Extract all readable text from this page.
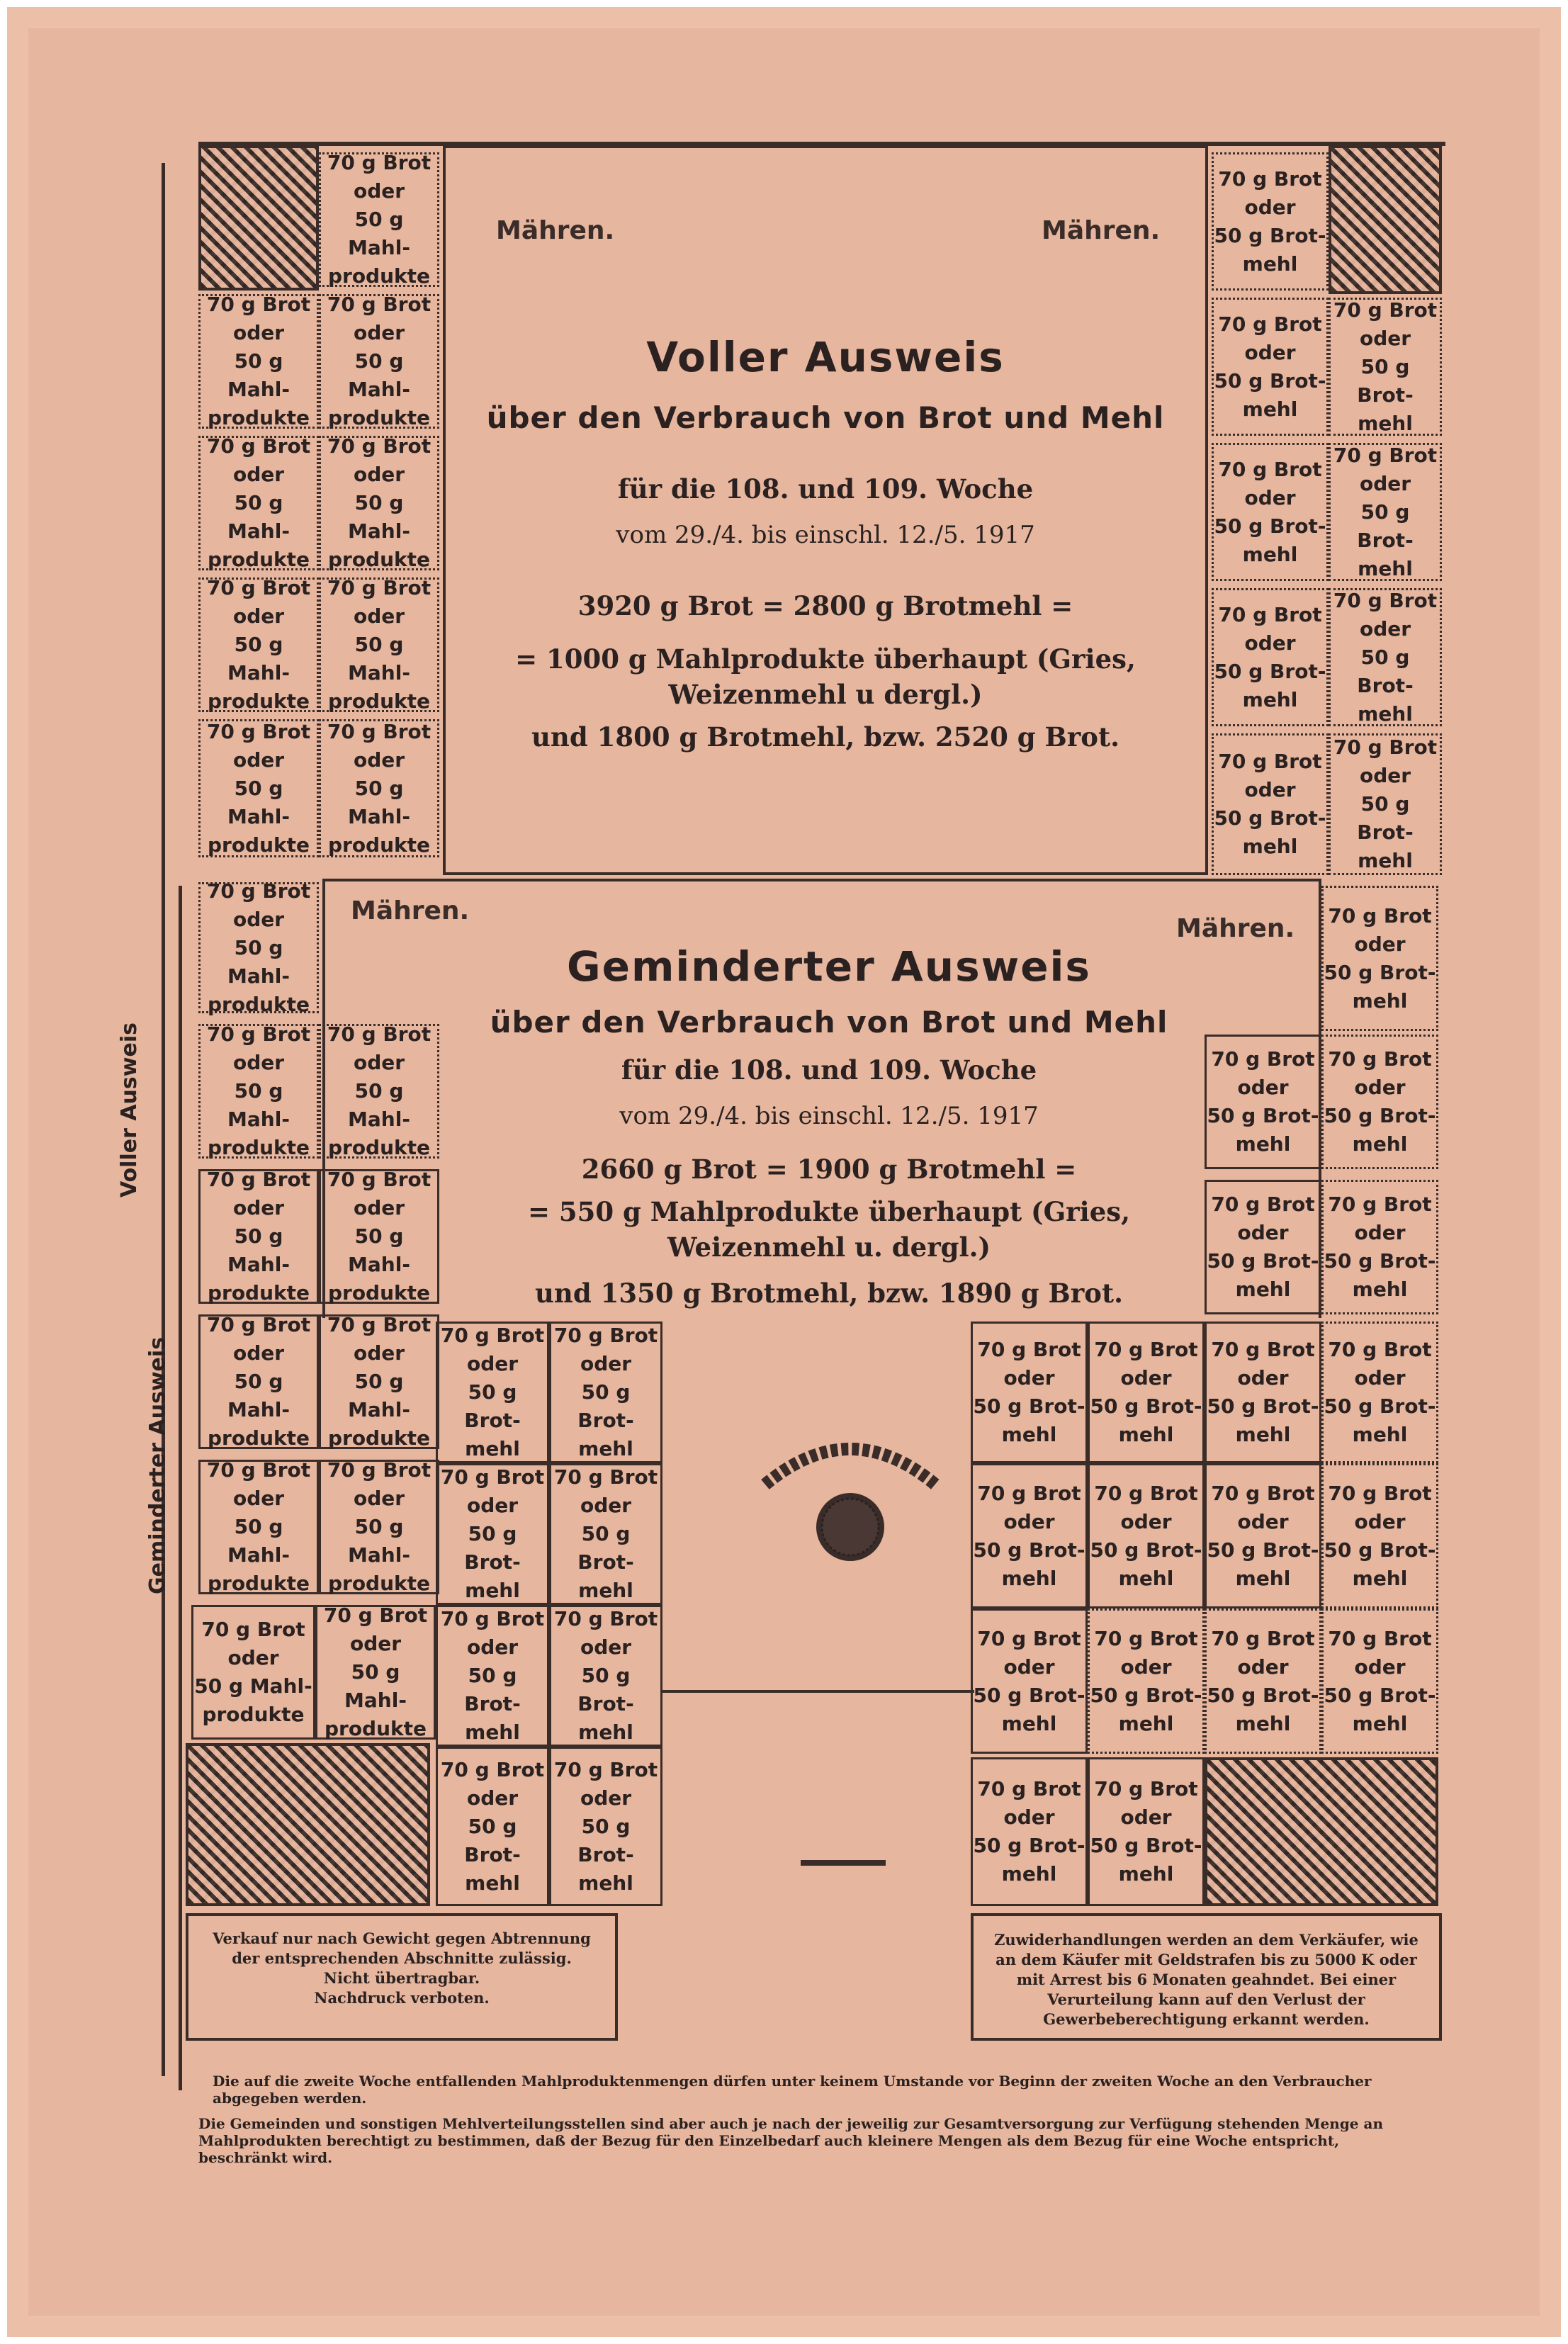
Voller Ausweis
Geminderter Ausweis
Mähren.	Mähren.
Voller Ausweis
über den Verbrauch von Brot und Mehl
für die 108. und 109. Woche
vom 29./4. bis einschl. 12./5. 1917
3920 g Brot = 2800 g Brotmehl =
= 1000 g Mahlprodukte überhaupt (Gries,
Weizenmehl u dergl.)
und 1800 g Brotmehl, bzw. 2520 g Brot.
70 g Brot
oder
50 g Mahl-
produkte
70 g Brot
oder
50 g Mahl-
produkte
70 g Brot
oder
50 g Mahl-
produkte
70 g Brot
oder
50 g Mahl-
produkte
70 g Brot
oder
50 g Mahl-
produkte
70 g Brot
oder
50 g Mahl-
produkte
70 g Brot
oder
50 g Mahl-
produkte
70 g Brot
oder
50 g Mahl-
produkte
70 g Brot
oder
50 g Mahl-
produkte
70 g Brot
oder
50 g Brot-
mehl
70 g Brot
oder
50 g Brot-
mehl
70 g Brot
oder
50 g Brot-
mehl
70 g Brot
oder
50 g Brot-
mehl
70 g Brot
oder
50 g Brot-
mehl
70 g Brot
oder
50 g Brot-
mehl
70 g Brot
oder
50 g Brot-
mehl
70 g Brot
oder
50 g Brot-
mehl
70 g Brot
oder
50 g Brot-
mehl
Mähren.
Mähren.
Geminderter Ausweis
über den Verbrauch von Brot und Mehl
für die 108. und 109. Woche
vom 29./4. bis einschl. 12./5. 1917
2660 g Brot = 1900 g Brotmehl =
= 550 g Mahlprodukte überhaupt (Gries,
Weizenmehl u. dergl.)
und 1350 g Brotmehl, bzw. 1890 g Brot.
70 g Brot
oder
50 g Mahl-
produkte
70 g Brot
oder
50 g Mahl-
produkte
70 g Brot
oder
50 g Mahl-
produkte
70 g Brot
oder
50 g Mahl-
produkte
70 g Brot
oder
50 g Mahl-
produkte
70 g Brot
oder
50 g Mahl-
produkte
70 g Brot
oder
50 g Mahl-
produkte
70 g Brot
oder
50 g Mahl-
produkte
70 g Brot
oder
50 g Mahl-
produkte
70 g Brot
oder
50 g Mahl-
produkte
70 g Brot
oder
50 g Mahl-
produkte
70 g Brot
oder
50 g Brot-
mehl
70 g Brot
oder
50 g Brot-
mehl
70 g Brot
oder
50 g Brot-
mehl
70 g Brot
oder
50 g Brot-
mehl
70 g Brot
oder
50 g Brot-
mehl
70 g Brot
oder
50 g Brot-
mehl
70 g Brot
oder
50 g Brot-
mehl
70 g Brot
oder
50 g Brot-
mehl
70 g Brot
oder
50 g Brot-
mehl
70 g Brot
oder
50 g Brot-
mehl
70 g Brot
oder
50 g Brot-
mehl
70 g Brot
oder
50 g Brot-
mehl
70 g Brot
oder
50 g Brot-
mehl
70 g Brot
oder
50 g Brot-
mehl
70 g Brot
oder
50 g Brot-
mehl
70 g Brot
oder
50 g Brot-
mehl
70 g Brot
oder
50 g Brot-
mehl
70 g Brot
oder
50 g Brot-
mehl
70 g Brot
oder
50 g Brot-
mehl
70 g Brot
oder
50 g Brot-
mehl
70 g Brot
oder
50 g Brot-
mehl
70 g Brot
oder
50 g Brot-
mehl
70 g Brot
oder
50 g Brot-
mehl
70 g Brot
oder
50 g Brot-
mehl
70 g Brot
oder
50 g Brot-
mehl
70 g Brot
oder
50 g Brot-
mehl
70 g Brot
oder
50 g Brot-
mehl
Verkauf nur nach Gewicht gegen Abtrennung der entsprechenden Abschnitte zulässig.
Nicht übertragbar.
Nachdruck verboten.
Zuwiderhandlungen werden an dem Verkäufer, wie an dem Käufer mit Geldstrafen bis zu 5000 K oder mit Arrest bis 6 Monaten geahndet. Bei einer Verurteilung kann auf den Verlust der Gewerbeberechtigung erkannt werden.
Die auf die zweite Woche entfallenden Mahlproduktenmengen dürfen unter keinem Umstande vor Beginn der zweiten Woche an den Verbraucher abgegeben werden.
Die Gemeinden und sonstigen Mehlverteilungsstellen sind aber auch je nach der jeweilig zur Gesamtversorgung zur Verfügung stehenden Menge an Mahlprodukten berechtigt zu bestimmen, daß der Bezug für den Einzelbedarf auch kleinere Mengen als dem Bezug für eine Woche entspricht, beschränkt wird.
